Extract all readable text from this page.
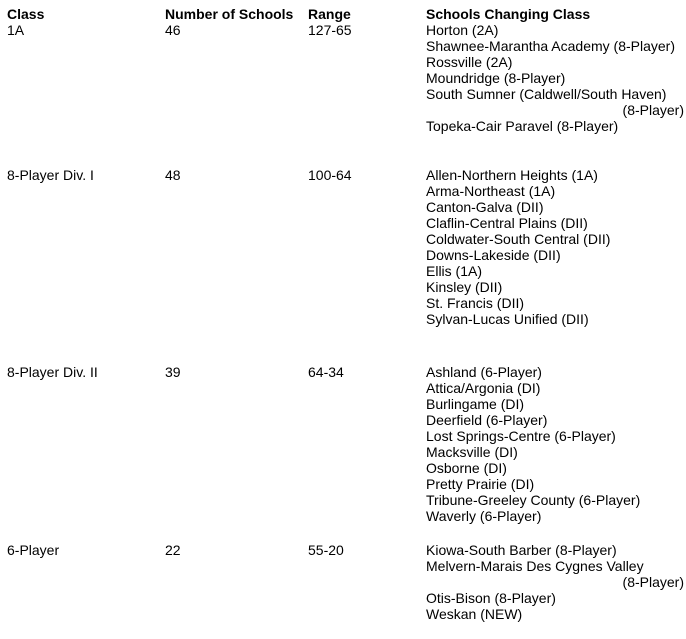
Class	Number of Schools	Range	Schools Changing Class
1A	46	127-65	Horton (2A)
Shawnee-Marantha Academy (8-Player)
Rossville (2A)
Moundridge (8-Player)
South Sumner (Caldwell/South Haven)
(8-Player)
Topeka-Cair Paravel (8-Player)
8-Player Div. I	48	100-64	Allen-Northern Heights (1A)
Arma-Northeast (1A)
Canton-Galva (DII)
Claflin-Central Plains (DII)
Coldwater-South Central (DII)
Downs-Lakeside (DII)
Ellis (1A)
Kinsley (DII)
St. Francis (DII)
Sylvan-Lucas Unified (DII)
8-Player Div. II	39	64-34	Ashland (6-Player)
Attica/Argonia (DI)
Burlingame (DI)
Deerfield (6-Player)
Lost Springs-Centre (6-Player)
Macksville (DI)
Osborne (DI)
Pretty Prairie (DI)
Tribune-Greeley County (6-Player)
Waverly (6-Player)
6-Player	22	55-20	Kiowa-South Barber (8-Player)
Melvern-Marais Des Cygnes Valley
(8-Player)
Otis-Bison (8-Player)
Weskan (NEW)
